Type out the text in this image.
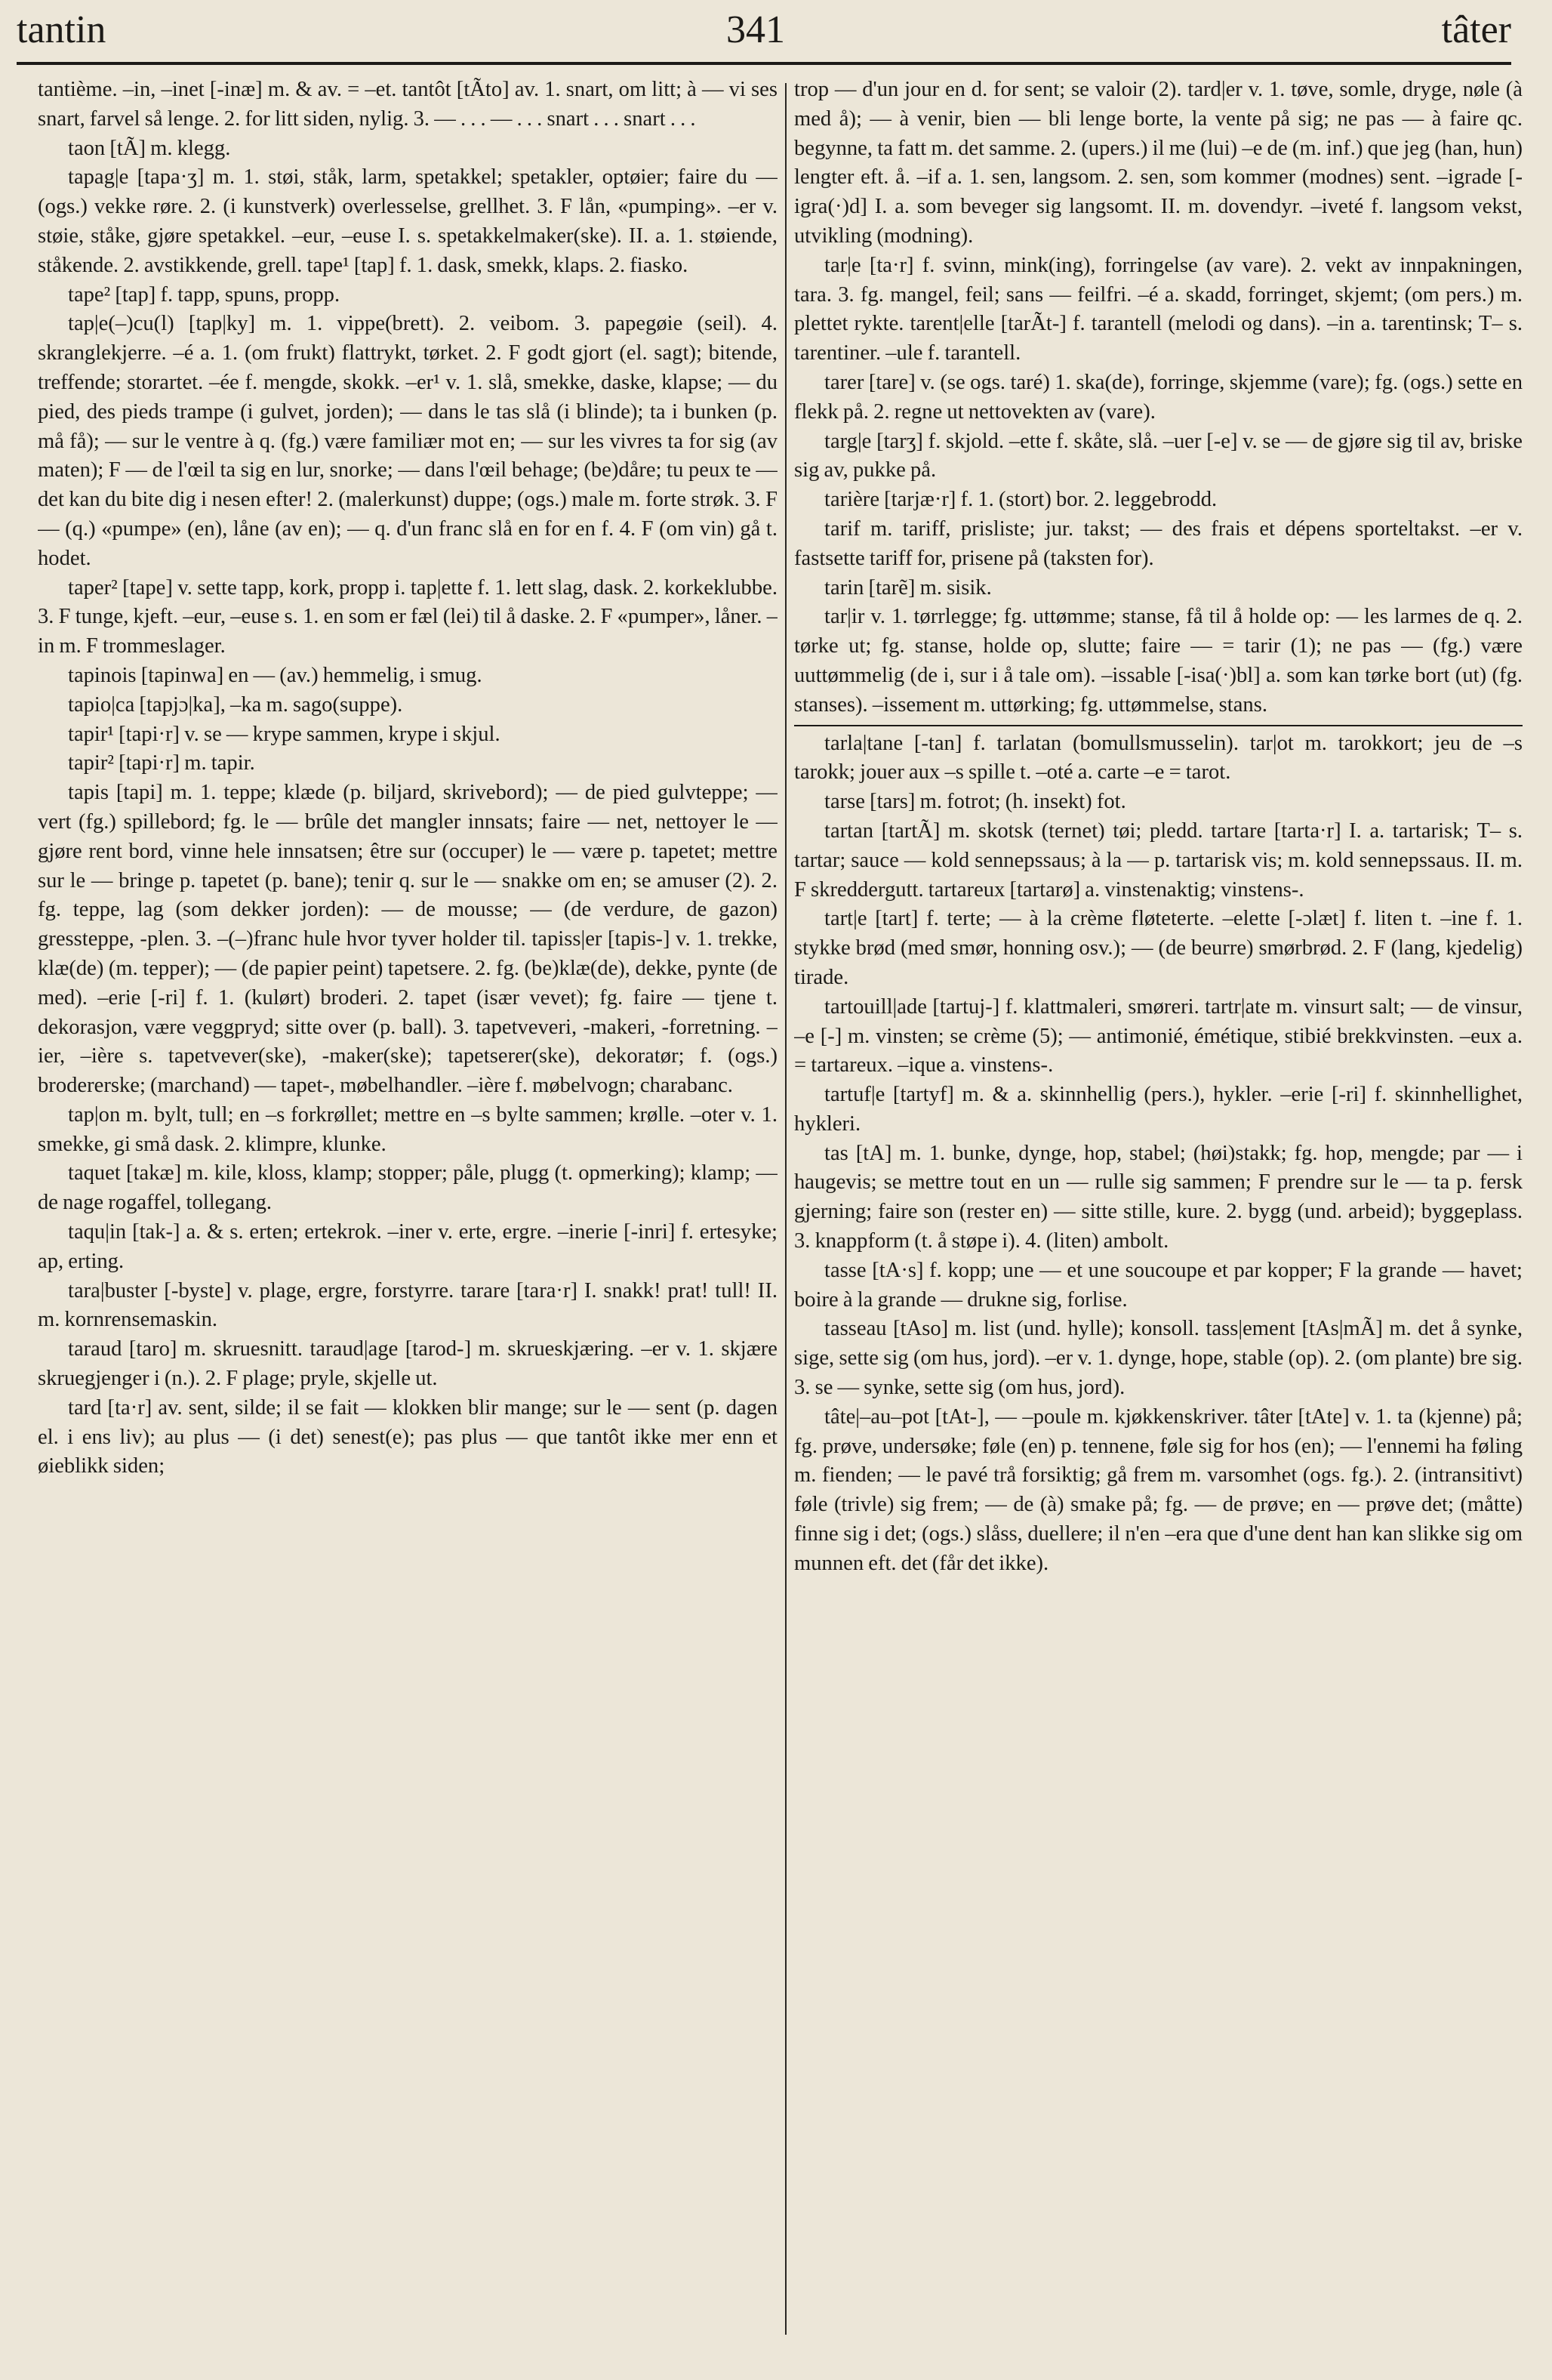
tantin	341	tâter

tantième. –in, –inet [-inæ] m. & av. = –et. tantôt [tÃto] av. 1. snart, om litt; à — vi ses snart, farvel så lenge. 2. for litt siden, nylig. 3. — . . . — . . . snart . . . snart . . .

taon [tÃ] m. klegg.

tapag|e [tapa·ʒ] m. 1. støi, ståk, larm, spetakkel; spetakler, optøier; faire du — (ogs.) vekke røre. 2. (i kunstverk) overlesselse, grellhet. 3. F lån, «pumping». –er v. støie, ståke, gjøre spetakkel. –eur, –euse I. s. spetakkelmaker(ske). II. a. 1. støiende, ståkende. 2. avstikkende, grell. tape¹ [tap] f. 1. dask, smekk, klaps. 2. fiasko.

tape² [tap] f. tapp, spuns, propp.

tap|e(–)cu(l) [tap|ky] m. 1. vippe(brett). 2. veibom. 3. papegøie (seil). 4. skranglekjerre. –é a. 1. (om frukt) flattrykt, tørket. 2. F godt gjort (el. sagt); bitende, treffende; storartet. –ée f. mengde, skokk. –er¹ v. 1. slå, smekke, daske, klapse; — du pied, des pieds trampe (i gulvet, jorden); — dans le tas slå (i blinde); ta i bunken (p. må få); — sur le ventre à q. (fg.) være familiær mot en; — sur les vivres ta for sig (av maten); F — de l'œil ta sig en lur, snorke; — dans l'œil behage; (be)dåre; tu peux te — det kan du bite dig i nesen efter! 2. (malerkunst) duppe; (ogs.) male m. forte strøk. 3. F — (q.) «pumpe» (en), låne (av en); — q. d'un franc slå en for en f. 4. F (om vin) gå t. hodet.

taper² [tape] v. sette tapp, kork, propp i. tap|ette f. 1. lett slag, dask. 2. korkeklubbe. 3. F tunge, kjeft. –eur, –euse s. 1. en som er fæl (lei) til å daske. 2. F «pumper», låner. –in m. F trommeslager.

tapinois [tapinwa] en — (av.) hemmelig, i smug.

tapio|ca [tapjɔ|ka], –ka m. sago(suppe).

tapir¹ [tapi·r] v. se — krype sammen, krype i skjul.

tapir² [tapi·r] m. tapir.

tapis [tapi] m. 1. teppe; klæde (p. biljard, skrivebord); — de pied gulvteppe; — vert (fg.) spillebord; fg. le — brûle det mangler innsats; faire — net, nettoyer le — gjøre rent bord, vinne hele innsatsen; être sur (occuper) le — være p. tapetet; mettre sur le — bringe p. tapetet (p. bane); tenir q. sur le — snakke om en; se amuser (2). 2. fg. teppe, lag (som dekker jorden): — de mousse; — (de verdure, de gazon) gressteppe, -plen. 3. –(–)franc hule hvor tyver holder til. tapiss|er [tapis-] v. 1. trekke, klæ(de) (m. tepper); — (de papier peint) tapetsere. 2. fg. (be)klæ(de), dekke, pynte (de med). –erie [-ri] f. 1. (kulørt) broderi. 2. tapet (især vevet); fg. faire — tjene t. dekorasjon, være veggpryd; sitte over (p. ball). 3. tapetveveri, -makeri, -forretning. –ier, –ière s. tapetvever(ske), -maker(ske); tapetserer(ske), dekoratør; f. (ogs.) brodererske; (marchand) — tapet-, møbelhandler. –ière f. møbelvogn; charabanc.

tap|on m. bylt, tull; en –s forkrøllet; mettre en –s bylte sammen; krølle. –oter v. 1. smekke, gi små dask. 2. klimpre, klunke.

taquet [takæ] m. kile, kloss, klamp; stopper; påle, plugg (t. opmerking); klamp; — de nage rogaffel, tollegang.

taqu|in [tak-] a. & s. erten; ertekrok. –iner v. erte, ergre. –inerie [-inri] f. ertesyke; ap, erting.

tara|buster [-byste] v. plage, ergre, forstyrre. tarare [tara·r] I. snakk! prat! tull! II. m. kornrensemaskin.

taraud [taro] m. skruesnitt. taraud|age [tarod-] m. skrueskjæring. –er v. 1. skjære skruegjenger i (n.). 2. F plage; pryle, skjelle ut.

tard [ta·r] av. sent, silde; il se fait — klokken blir mange; sur le — sent (p. dagen el. i ens liv); au plus — (i det) senest(e); pas plus — que tantôt ikke mer enn et øieblikk siden;

trop — d'un jour en d. for sent; se valoir (2). tard|er v. 1. tøve, somle, dryge, nøle (à med å); — à venir, bien — bli lenge borte, la vente på sig; ne pas — à faire qc. begynne, ta fatt m. det samme. 2. (upers.) il me (lui) –e de (m. inf.) que jeg (han, hun) lengter eft. å. –if a. 1. sen, langsom. 2. sen, som kommer (modnes) sent. –igrade [-igra(·)d] I. a. som beveger sig langsomt. II. m. dovendyr. –iveté f. langsom vekst, utvikling (modning).

tar|e [ta·r] f. svinn, mink(ing), forringelse (av vare). 2. vekt av innpakningen, tara. 3. fg. mangel, feil; sans — feilfri. –é a. skadd, forringet, skjemt; (om pers.) m. plettet rykte. tarent|elle [tarÃt-] f. tarantell (melodi og dans). –in a. tarentinsk; T– s. tarentiner. –ule f. tarantell.

tarer [tare] v. (se ogs. taré) 1. ska(de), forringe, skjemme (vare); fg. (ogs.) sette en flekk på. 2. regne ut nettovekten av (vare).

targ|e [tarʒ] f. skjold. –ette f. skåte, slå. –uer [-e] v. se — de gjøre sig til av, briske sig av, pukke på.

tarière [tarjæ·r] f. 1. (stort) bor. 2. leggebrodd.

tarif m. tariff, prisliste; jur. takst; — des frais et dépens sporteltakst. –er v. fastsette tariff for, prisene på (taksten for).

tarin [tarẽ] m. sisik.

tar|ir v. 1. tørrlegge; fg. uttømme; stanse, få til å holde op: — les larmes de q. 2. tørke ut; fg. stanse, holde op, slutte; faire — = tarir (1); ne pas — (fg.) være uuttømmelig (de i, sur i å tale om). –issable [-isa(·)bl] a. som kan tørke bort (ut) (fg. stanses). –issement m. uttørking; fg. uttømmelse, stans.

tarla|tane [-tan] f. tarlatan (bomullsmusselin). tar|ot m. tarokkort; jeu de –s tarokk; jouer aux –s spille t. –oté a. carte –e = tarot.

tarse [tars] m. fotrot; (h. insekt) fot.

tartan [tartÃ] m. skotsk (ternet) tøi; pledd. tartare [tarta·r] I. a. tartarisk; T– s. tartar; sauce — kold sennepssaus; à la — p. tartarisk vis; m. kold sennepssaus. II. m. F skreddergutt. tartareux [tartarø] a. vinstenaktig; vinstens-.

tart|e [tart] f. terte; — à la crème fløteterte. –elette [-ɔlæt] f. liten t. –ine f. 1. stykke brød (med smør, honning osv.); — (de beurre) smørbrød. 2. F (lang, kjedelig) tirade.

tartouill|ade [tartuj-] f. klattmaleri, smøreri. tartr|ate m. vinsurt salt; — de vinsur, –e [-] m. vinsten; se crème (5); — antimonié, émétique, stibié brekkvinsten. –eux a. = tartareux. –ique a. vinstens-.

tartuf|e [tartyf] m. & a. skinnhellig (pers.), hykler. –erie [-ri] f. skinnhellighet, hykleri.

tas [tA] m. 1. bunke, dynge, hop, stabel; (høi)stakk; fg. hop, mengde; par — i haugevis; se mettre tout en un — rulle sig sammen; F prendre sur le — ta p. fersk gjerning; faire son (rester en) — sitte stille, kure. 2. bygg (und. arbeid); byggeplass. 3. knappform (t. å støpe i). 4. (liten) ambolt.

tasse [tA·s] f. kopp; une — et une soucoupe et par kopper; F la grande — havet; boire à la grande — drukne sig, forlise.

tasseau [tAso] m. list (und. hylle); konsoll. tass|ement [tAs|mÃ] m. det å synke, sige, sette sig (om hus, jord). –er v. 1. dynge, hope, stable (op). 2. (om plante) bre sig. 3. se — synke, sette sig (om hus, jord).

tâte|–au–pot [tAt-], — –poule m. kjøkkenskriver. tâter [tAte] v. 1. ta (kjenne) på; fg. prøve, undersøke; føle (en) p. tennene, føle sig for hos (en); — l'ennemi ha føling m. fienden; — le pavé trå forsiktig; gå frem m. varsomhet (ogs. fg.). 2. (intransitivt) føle (trivle) sig frem; — de (à) smake på; fg. — de prøve; en — prøve det; (måtte) finne sig i det; (ogs.) slåss, duellere; il n'en –era que d'une dent han kan slikke sig om munnen eft. det (får det ikke).
